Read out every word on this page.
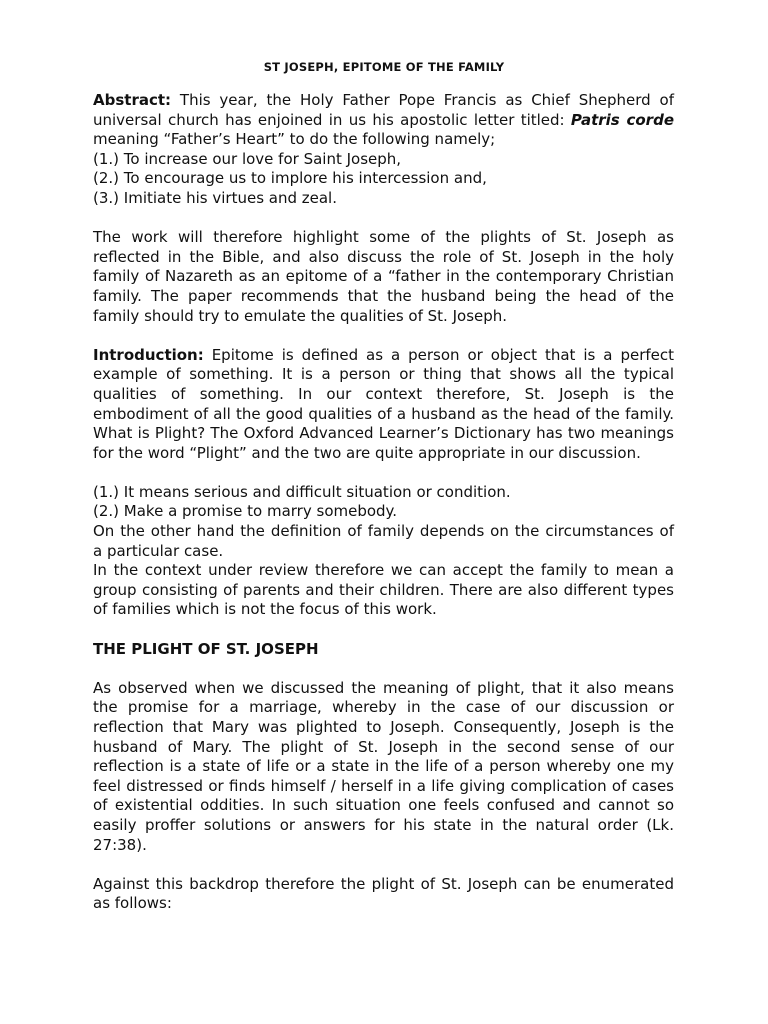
ST JOSEPH, EPITOME OF THE FAMILY

Abstract: This year, the Holy Father Pope Francis as Chief Shepherd of universal church has enjoined in us his apostolic letter titled: Patris corde meaning “Father’s Heart” to do the following namely;

(1.) To increase our love for Saint Joseph,
(2.) To encourage us to implore his intercession and,
(3.) Imitiate his virtues and zeal.

The work will therefore highlight some of the plights of St. Joseph as reflected in the Bible, and also discuss the role of St. Joseph in the holy family of Nazareth as an epitome of a “father in the contemporary Christian family. The paper recommends that the husband being the head of the family should try to emulate the qualities of St. Joseph.

Introduction: Epitome is defined as a person or object that is a perfect example of something. It is a person or thing that shows all the typical qualities of something. In our context therefore, St. Joseph is the embodiment of all the good qualities of a husband as the head of the family. What is Plight? The Oxford Advanced Learner’s Dictionary has two meanings for the word “Plight” and the two are quite appropriate in our discussion.

(1.) It means serious and difficult situation or condition.
(2.) Make a promise to marry somebody.

On the other hand the definition of family depends on the circumstances of a particular case.

In the context under review therefore we can accept the family to mean a group consisting of parents and their children. There are also different types of families which is not the focus of this work.

THE PLIGHT OF ST. JOSEPH

As observed when we discussed the meaning of plight, that it also means the promise for a marriage, whereby in the case of our discussion or reflection that Mary was plighted to Joseph. Consequently, Joseph is the husband of Mary. The plight of St. Joseph in the second sense of our reflection is a state of life or a state in the life of a person whereby one my feel distressed or finds himself / herself in a life giving complication of cases of existential oddities. In such situation one feels confused and cannot so easily proffer solutions or answers for his state in the natural order (Lk. 27:38).

Against this backdrop therefore the plight of St. Joseph can be enumerated as follows:
